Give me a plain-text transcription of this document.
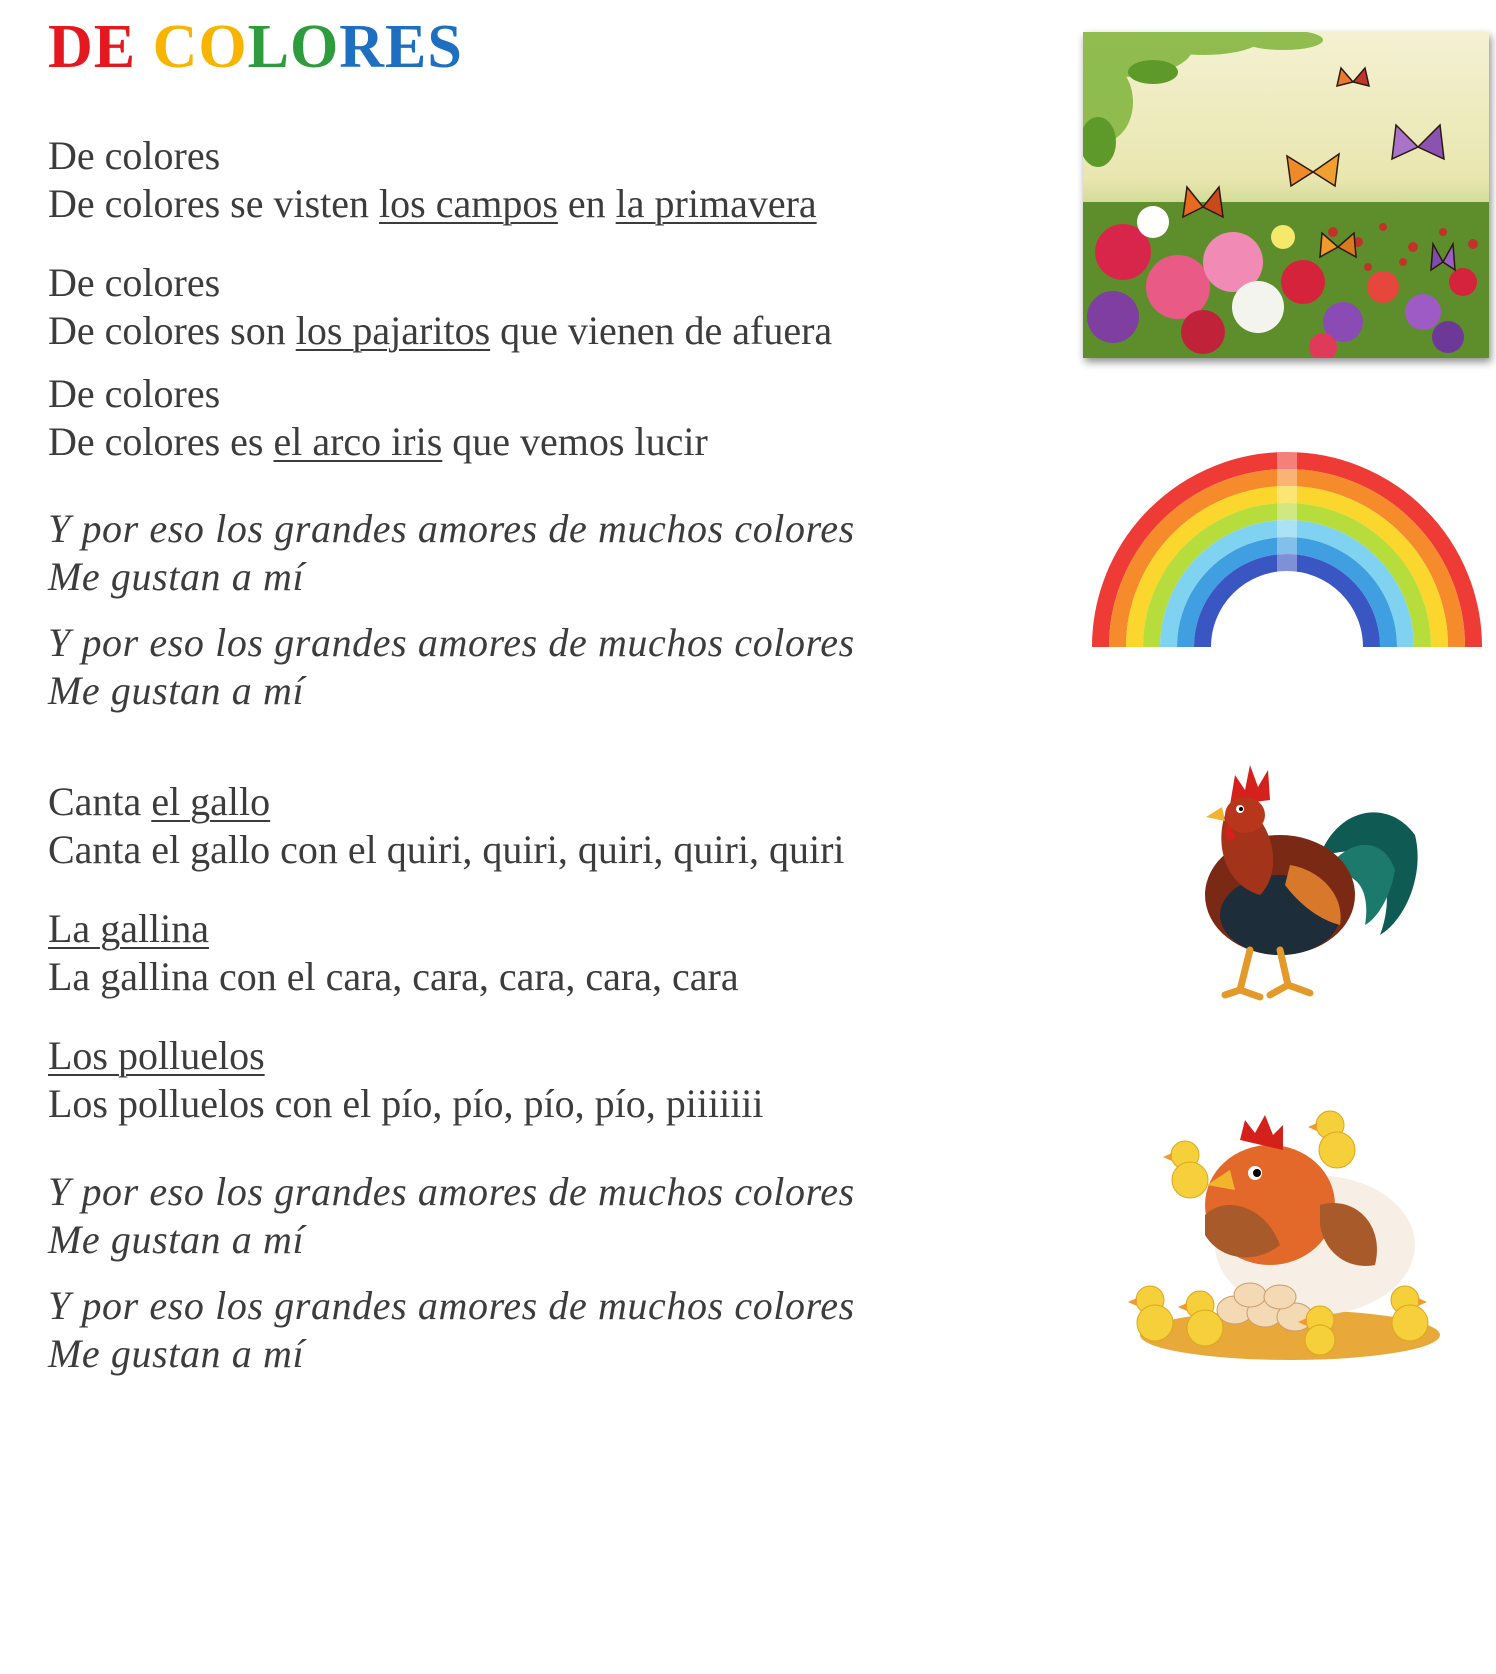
DE COLORES
De colores
De colores se visten los campos en la primavera
De colores
De colores son los pajaritos que vienen de afuera
De colores
De colores es el arco iris que vemos lucir
Y por eso los grandes amores de muchos colores
Me gustan a mí
Y por eso los grandes amores de muchos colores
Me gustan a mí
Canta el gallo
Canta el gallo con el quiri, quiri, quiri, quiri, quiri
La gallina
La gallina con el cara, cara, cara, cara, cara
Los polluelos
Los polluelos con el pío, pío, pío, pío, piiiiiii
Y por eso los grandes amores de muchos colores
Me gustan a mí
Y por eso los grandes amores de muchos colores
Me gustan a mí
